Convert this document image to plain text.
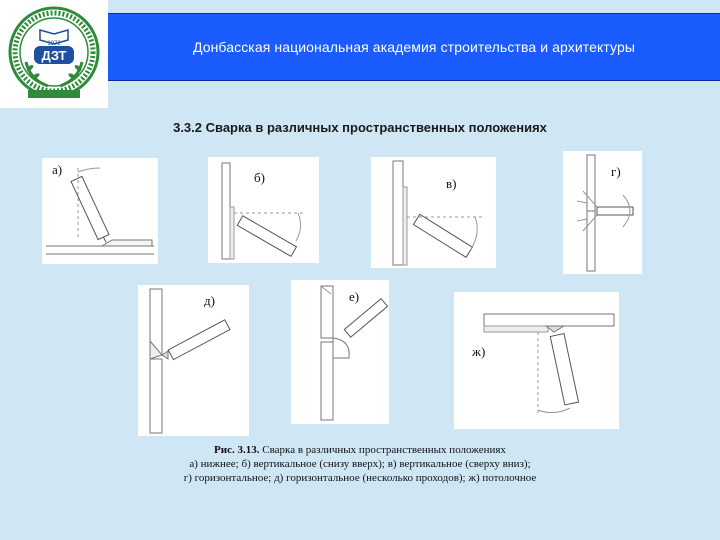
ДЗТ
1972	Донбасская национальная академия строительства и архитектуры
3.3.2 Сварка в различных пространственных положениях
а)
б)	в)
г)
д)	е)
ж)
Рис. 3.13. Сварка в различных пространственных положениях
а) нижнее; б) вертикальное (снизу вверх); в) вертикальное (сверху вниз);
г) горизонтальное; д) горизонтальное (несколько проходов); ж) потолочное
